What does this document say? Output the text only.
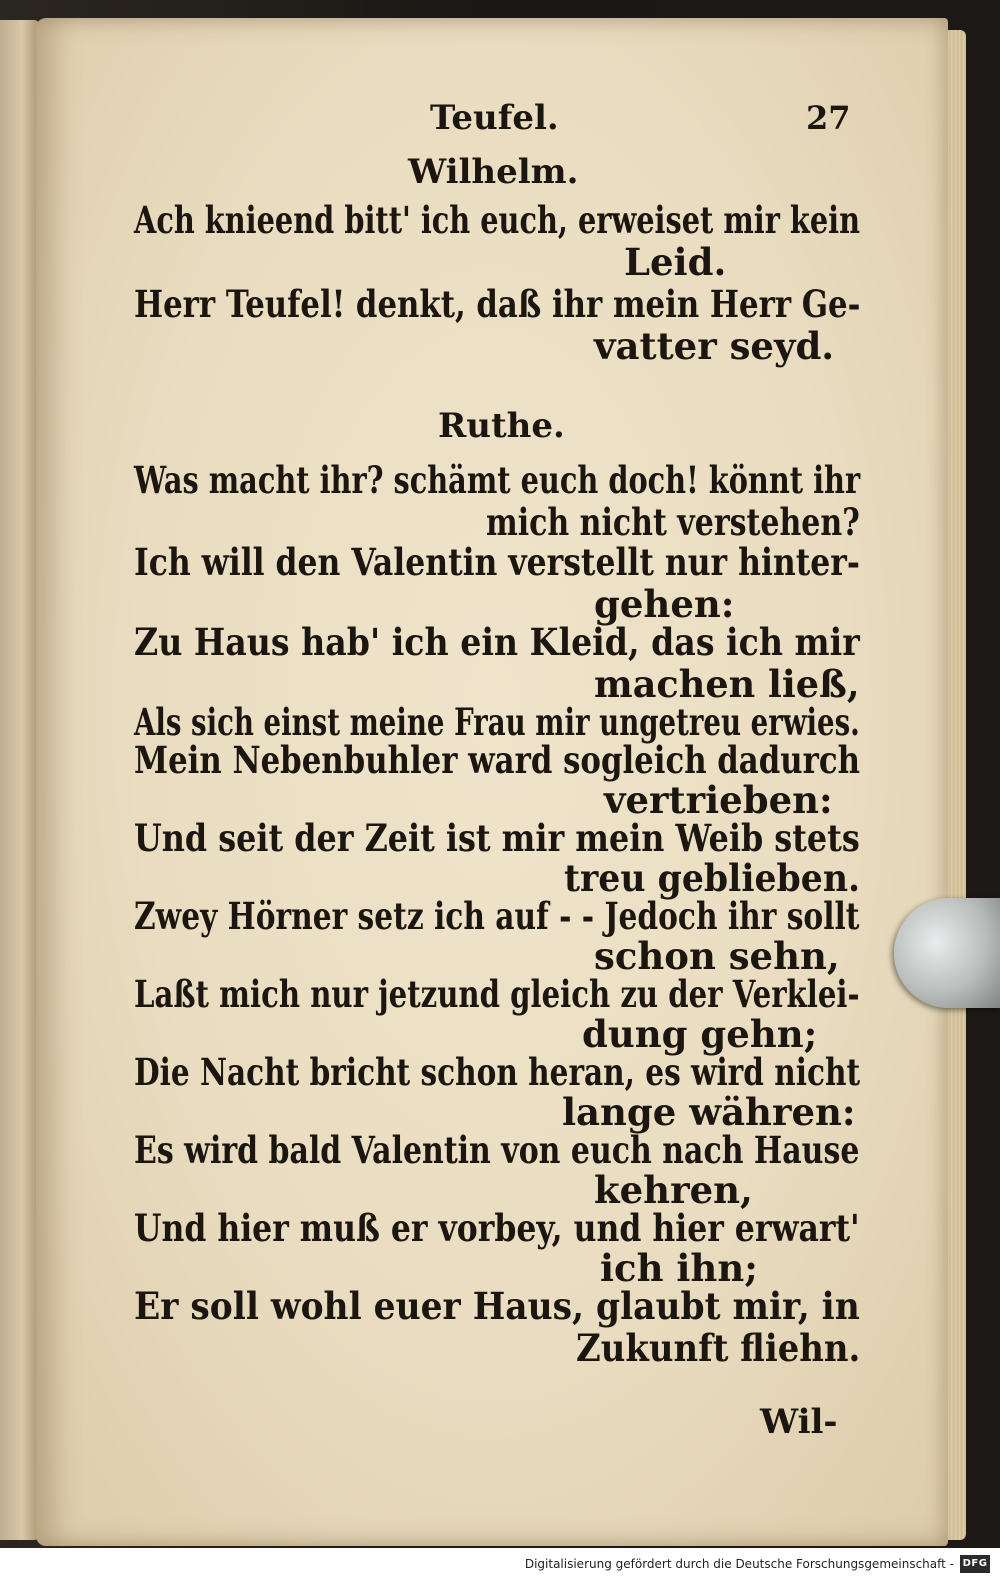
Teufel.	27
Wilhelm.
Ach knieend bitt' ich euch, erweiset mir kein
Leid.
Herr Teufel! denkt, daß ihr mein Herr Ge-
vatter seyd.
Ruthe.
Was macht ihr? schämt euch doch! könnt ihr
mich nicht verstehen?
Ich will den Valentin verstellt nur hinter-
gehen:
Zu Haus hab' ich ein Kleid, das ich mir
machen ließ,
Als sich einst meine Frau mir ungetreu erwies.
Mein Nebenbuhler ward sogleich dadurch
vertrieben:
Und seit der Zeit ist mir mein Weib stets
treu geblieben.
Zwey Hörner setz ich auf - - Jedoch ihr sollt
schon sehn,
Laßt mich nur jetzund gleich zu der Verklei-
dung gehn;
Die Nacht bricht schon heran, es wird nicht
lange währen:
Es wird bald Valentin von euch nach Hause
kehren,
Und hier muß er vorbey, und hier erwart'
ich ihn;
Er soll wohl euer Haus, glaubt mir, in
Zukunft fliehn.
Wil-
Digitalisierung gefördert durch die Deutsche Forschungsgemeinschaft - DFG
